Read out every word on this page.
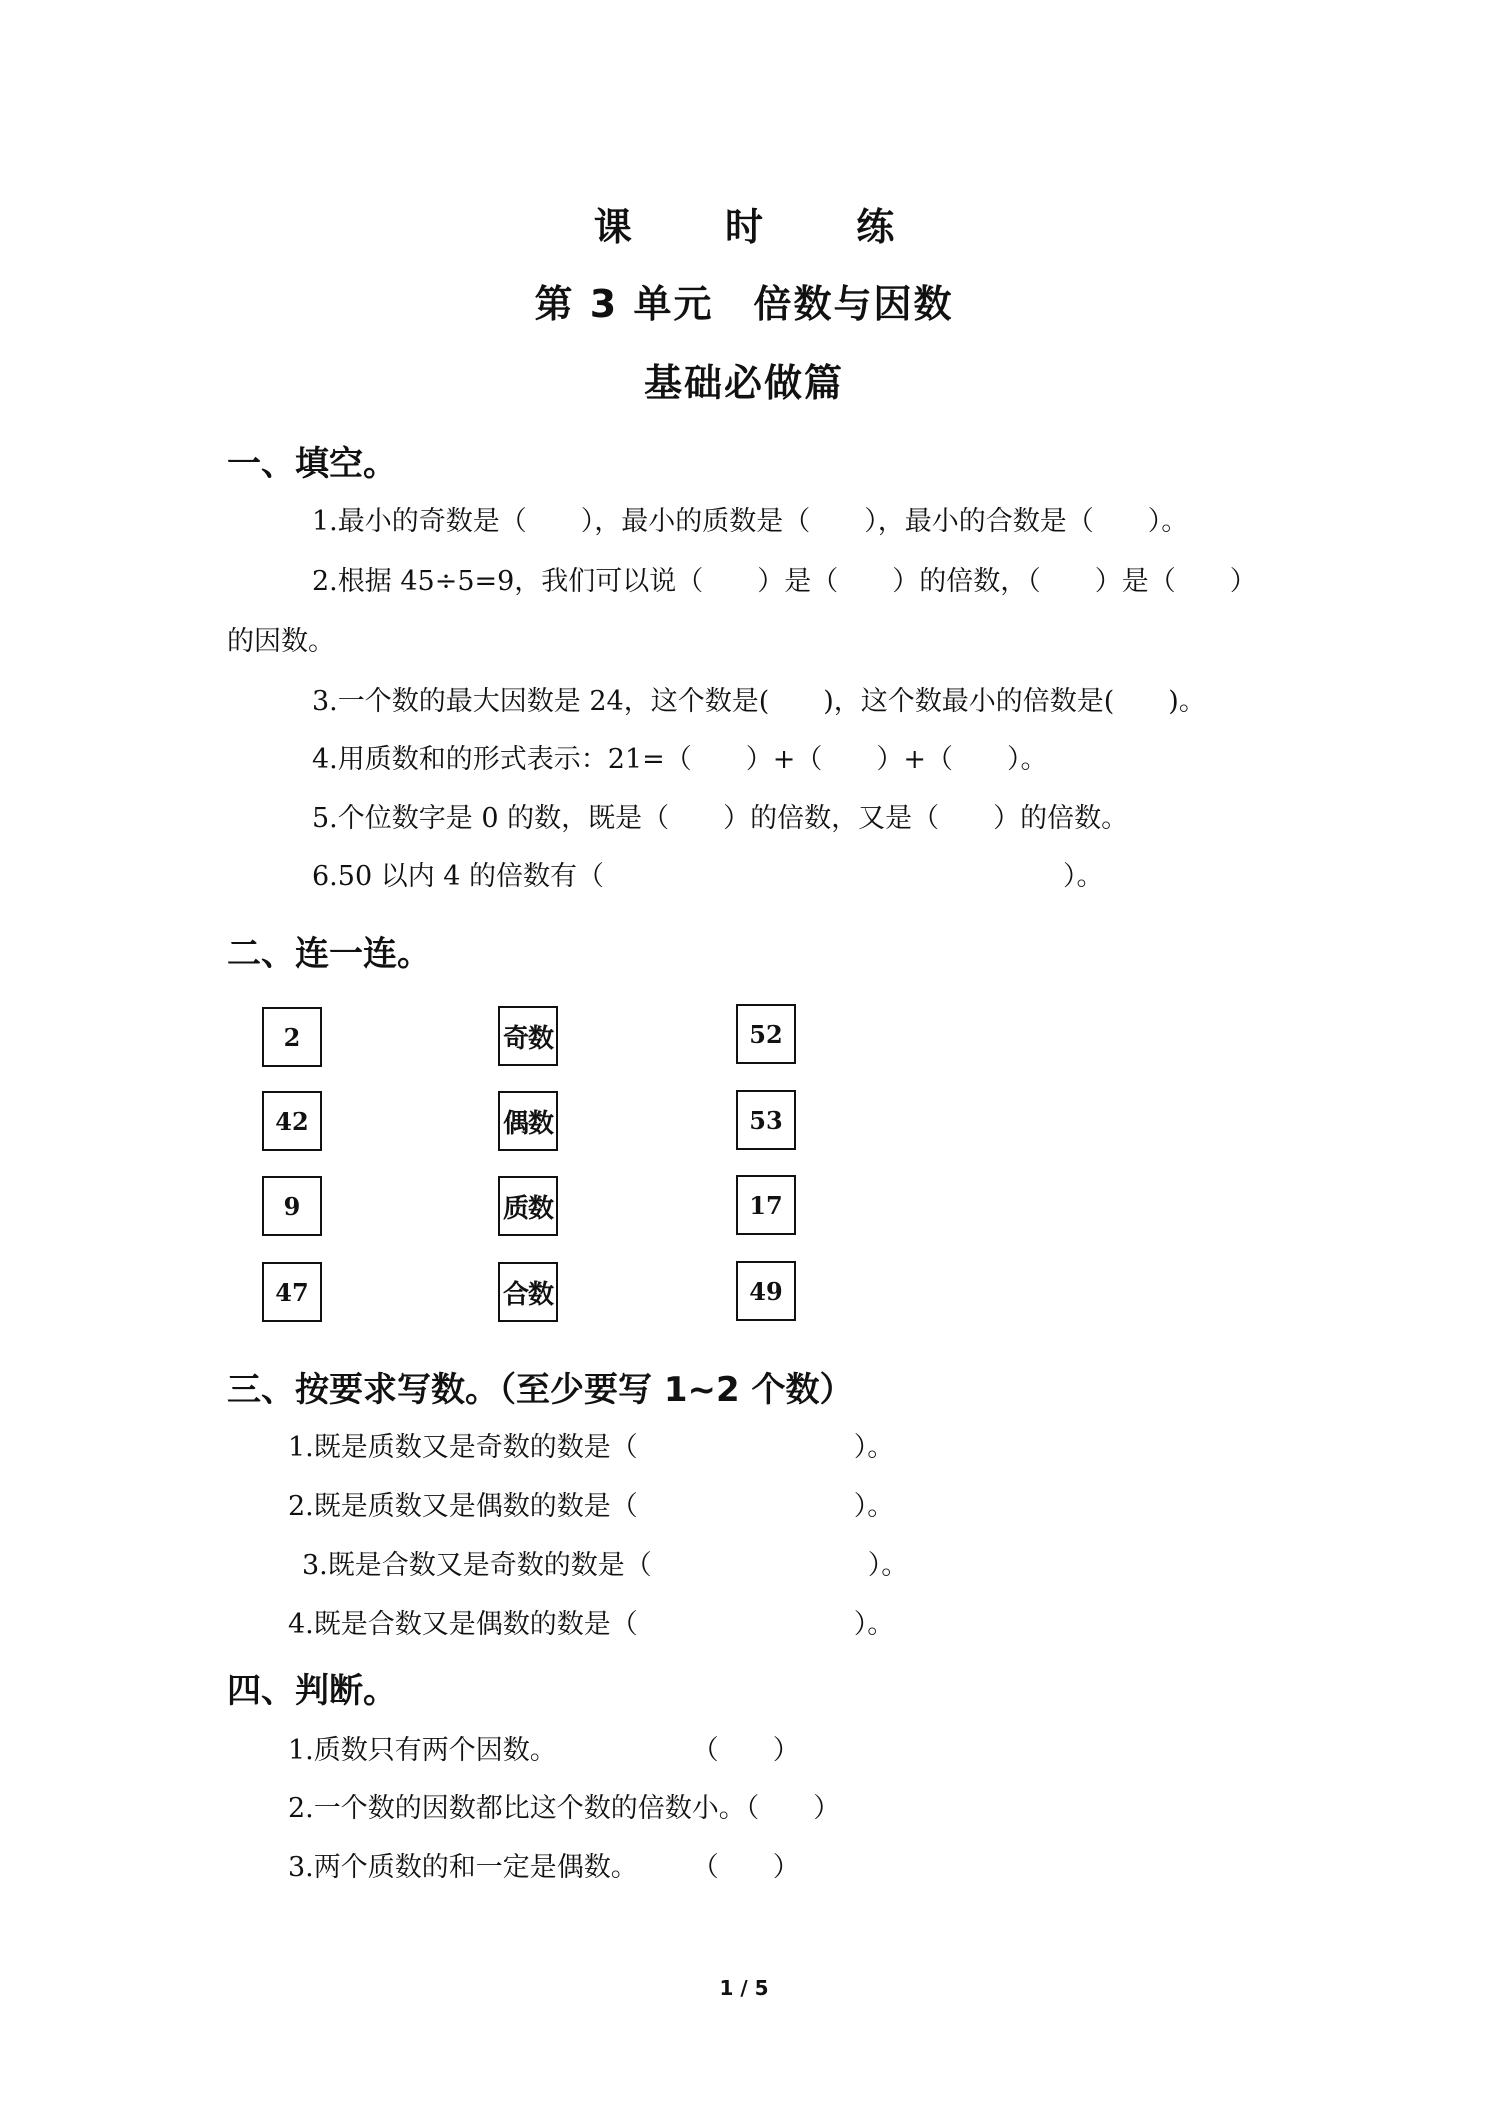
课 时 练
第 3 单元　倍数与因数
基础必做篇
一、填空。
1.最小的奇数是（　　），最小的质数是（　　），最小的合数是（　　）。
2.根据 45÷5=9，我们可以说（　　）是（　　）的倍数，（　　）是（　　）
的因数。
3.一个数的最大因数是 24，这个数是(　　)，这个数最小的倍数是(　　)。
4.用质数和的形式表示：21=（　　）+（　　）+（　　）。
5.个位数字是 0 的数，既是（　　）的倍数，又是（　　）的倍数。
6.50 以内 4 的倍数有（　　　　　　　　　　　　　　　　　）。
二、连一连。
2
42
9
47
奇数
偶数
质数
合数
52
53
17
49
三、按要求写数。（至少要写 1~2 个数）
1.既是质数又是奇数的数是（　　　　　　　　）。
2.既是质数又是偶数的数是（　　　　　　　　）。
3.既是合数又是奇数的数是（　　　　　　　　）。
4.既是合数又是偶数的数是（　　　　　　　　）。
四、判断。
1.质数只有两个因数。　　　　　　（　　）
2.一个数的因数都比这个数的倍数小。（　　）
3.两个质数的和一定是偶数。　　　（　　）
1 / 5
